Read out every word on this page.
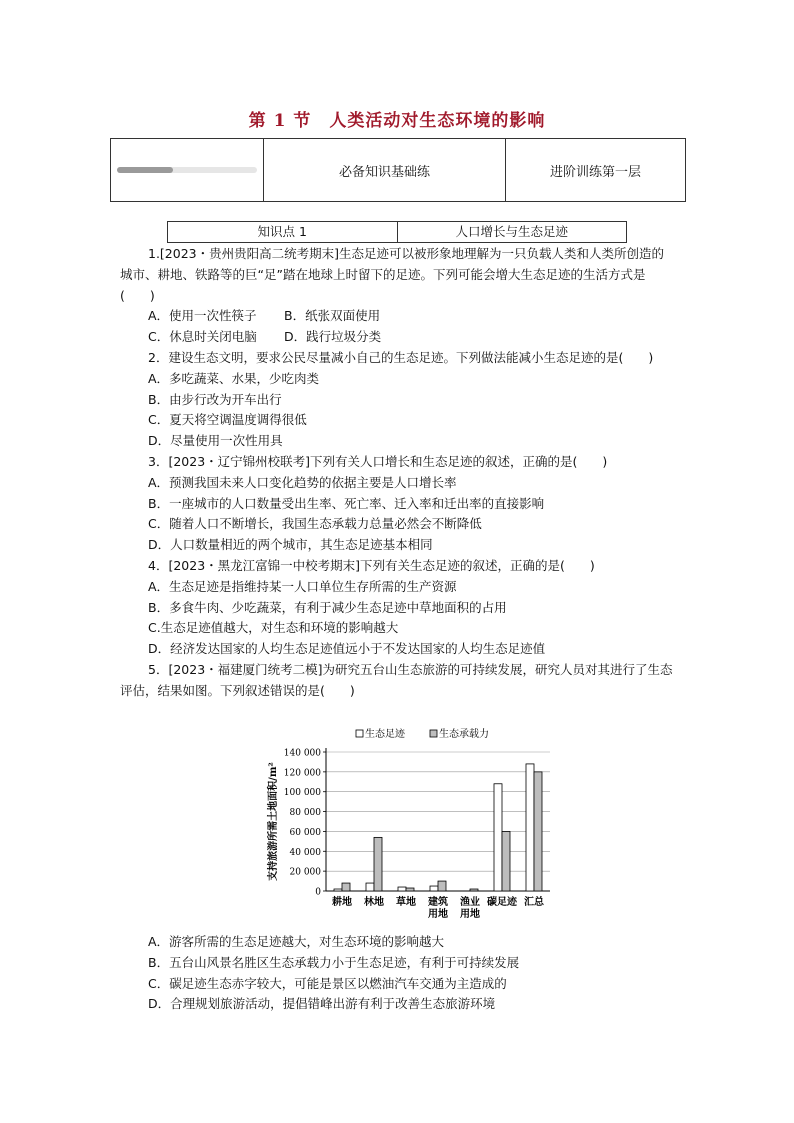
第 1 节　人类活动对生态环境的影响
必备知识基础练	进阶训练第一层
知识点 1	人口增长与生态足迹
1.[2023・贵州贵阳高二统考期末]生态足迹可以被形象地理解为一只负载人类和人类所创造的城市、耕地、铁路等的巨“足”踏在地球上时留下的足迹。下列可能会增大生态足迹的生活方式是(　　)
A．使用一次性筷子 B．纸张双面使用
C．休息时关闭电脑 D．践行垃圾分类
2．建设生态文明，要求公民尽量减小自己的生态足迹。下列做法能减小生态足迹的是(　　)
A．多吃蔬菜、水果，少吃肉类
B．由步行改为开车出行
C．夏天将空调温度调得很低
D．尽量使用一次性用具
3．[2023・辽宁锦州校联考]下列有关人口增长和生态足迹的叙述，正确的是(　　)
A．预测我国未来人口变化趋势的依据主要是人口增长率
B．一座城市的人口数量受出生率、死亡率、迁入率和迁出率的直接影响
C．随着人口不断增长，我国生态承载力总量必然会不断降低
D．人口数量相近的两个城市，其生态足迹基本相同
4．[2023・黑龙江富锦一中校考期末]下列有关生态足迹的叙述，正确的是(　　)
A．生态足迹是指维持某一人口单位生存所需的生产资源
B．多食牛肉、少吃蔬菜，有利于减少生态足迹中草地面积的占用
C.生态足迹值越大，对生态和环境的影响越大
D．经济发达国家的人均生态足迹值远小于不发达国家的人均生态足迹值
5．[2023・福建厦门统考二模]为研究五台山生态旅游的可持续发展，研究人员对其进行了生态评估，结果如图。下列叙述错误的是(　　)
支持旅游所需土地面积/m²
0
20 000
40 000
60 000
80 000
100 000
120 000
140 000
生态足迹	生态承载力
耕地 林地 草地 建筑
用地
渔业
用地
碳足迹 汇总
A．游客所需的生态足迹越大，对生态环境的影响越大
B．五台山风景名胜区生态承载力小于生态足迹，有利于可持续发展
C．碳足迹生态赤字较大，可能是景区以燃油汽车交通为主造成的
D．合理规划旅游活动，提倡错峰出游有利于改善生态旅游环境
